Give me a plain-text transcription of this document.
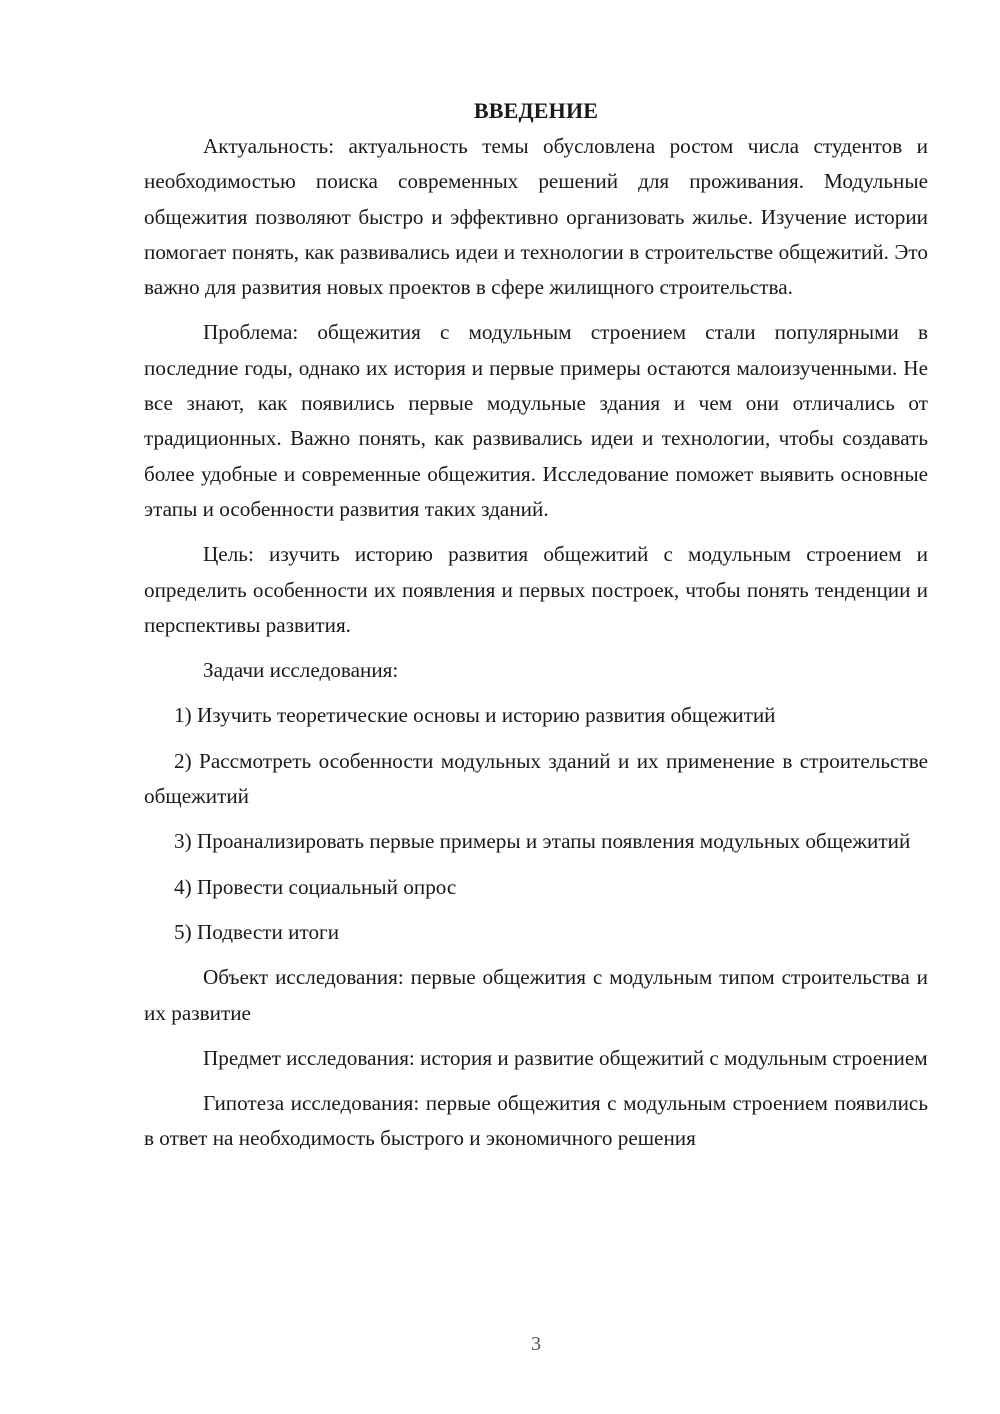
ВВЕДЕНИЕ

Актуальность: актуальность темы обусловлена ростом числа студентов и необходимостью поиска современных решений для проживания. Модульные общежития позволяют быстро и эффективно организовать жилье. Изучение истории помогает понять, как развивались идеи и технологии в строительстве общежитий. Это важно для развития новых проектов в сфере жилищного строительства.

Проблема: общежития с модульным строением стали популярными в последние годы, однако их история и первые примеры остаются малоизученными. Не все знают, как появились первые модульные здания и чем они отличались от традиционных. Важно понять, как развивались идеи и технологии, чтобы создавать более удобные и современные общежития. Исследование поможет выявить основные этапы и особенности развития таких зданий.

Цель: изучить историю развития общежитий с модульным строением и определить особенности их появления и первых построек, чтобы понять тенденции и перспективы развития.

Задачи исследования:

1) Изучить теоретические основы и историю развития общежитий

2) Рассмотреть особенности модульных зданий и их применение в строительстве общежитий

3) Проанализировать первые примеры и этапы появления модульных общежитий

4) Провести социальный опрос

5) Подвести итоги

Объект исследования: первые общежития с модульным типом строительства и их развитие

Предмет исследования: история и развитие общежитий с модульным строением

Гипотеза исследования: первые общежития с модульным строением появились в ответ на необходимость быстрого и экономичного решения

3
